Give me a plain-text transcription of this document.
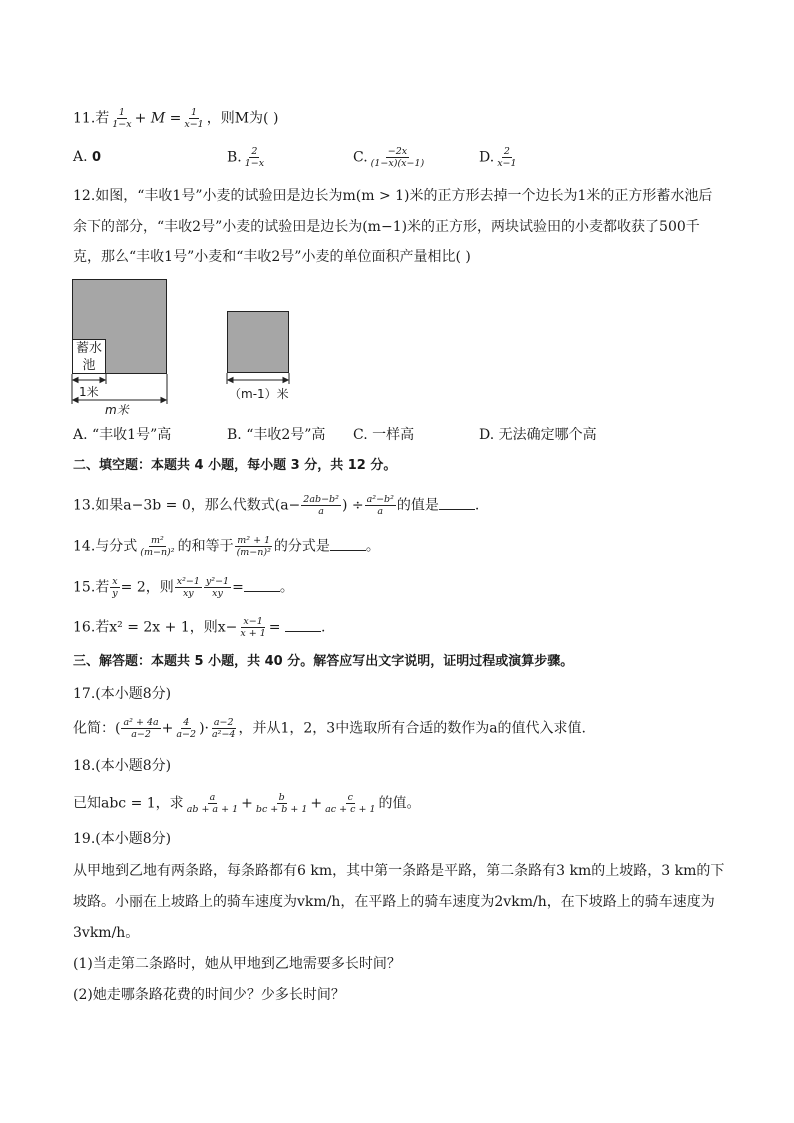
11.若 $\frac{1}{1-x} + M = \frac{1}{x-1}$ ，则M为( )
A. 0	B. $\frac{2}{1-x}$	C. $\frac{-2x}{(1-x)(x-1)}$	D. $\frac{2}{x-1}$
12.如图，“丰收1号”小麦的试验田是边长为m(m > 1)米的正方形去掉一个边长为1米的正方形蓄水池后
余下的部分，“丰收2号”小麦的试验田是边长为(m−1)米的正方形，两块试验田的小麦都收获了500千
克，那么“丰收1号”小麦和“丰收2号”小麦的单位面积产量相比( )
蓄水
池
1米
m米
（m-1）米
A. “丰收1号”高	B. “丰收2号”高 C. 一样高	D. 无法确定哪个高
二、填空题：本题共 4 小题，每小题 3 分，共 12 分。
13.如果a−3b = 0，那么代数式($a- \frac{\text{2ab−b²}}{a}$ ) ÷ $\frac{\text{a²−b²}}{a}$ 的值是	.
14.与分式 $\frac{\text{m²}}{\text{(m−n)²}}$ 的和等于 $\frac{\text{m² + 1}}{\text{(m−n)²}}$ 的分式是	。
15.若 $\frac{x}{y} = 2$，则 $\frac{\text{x²−1}}{xy} \frac{\text{y²−1}}{xy}$ =	。
16.若x² = 2x + 1，则$x- \frac{x-1}{x + 1}$ =	.
三、解答题：本题共 5 小题，共 40 分。解答应写出文字说明，证明过程或演算步骤。
17.(本小题8分)
化简：( $\frac{\text{a² + 4a}}{a-2} + \frac{4}{a-2}$ )· $\frac{a-2}{\text{a²−4}}$ ，并从1，2，3中选取所有合适的数作为a的值代入求值.
18.(本小题8分)
已知abc = 1，求 $\frac{a}{ab + a + 1} + \frac{b}{bc + b + 1} + \frac{c}{ac + c + 1}$ 的值。
19.(本小题8分)
从甲地到乙地有两条路，每条路都有6 km，其中第一条路是平路，第二条路有3 km的上坡路，3 km的下
坡路。小丽在上坡路上的骑车速度为vkm/h，在平路上的骑车速度为2vkm/h，在下坡路上的骑车速度为
3vkm/h。
(1)当走第二条路时，她从甲地到乙地需要多长时间？
(2)她走哪条路花费的时间少？少多长时间？
